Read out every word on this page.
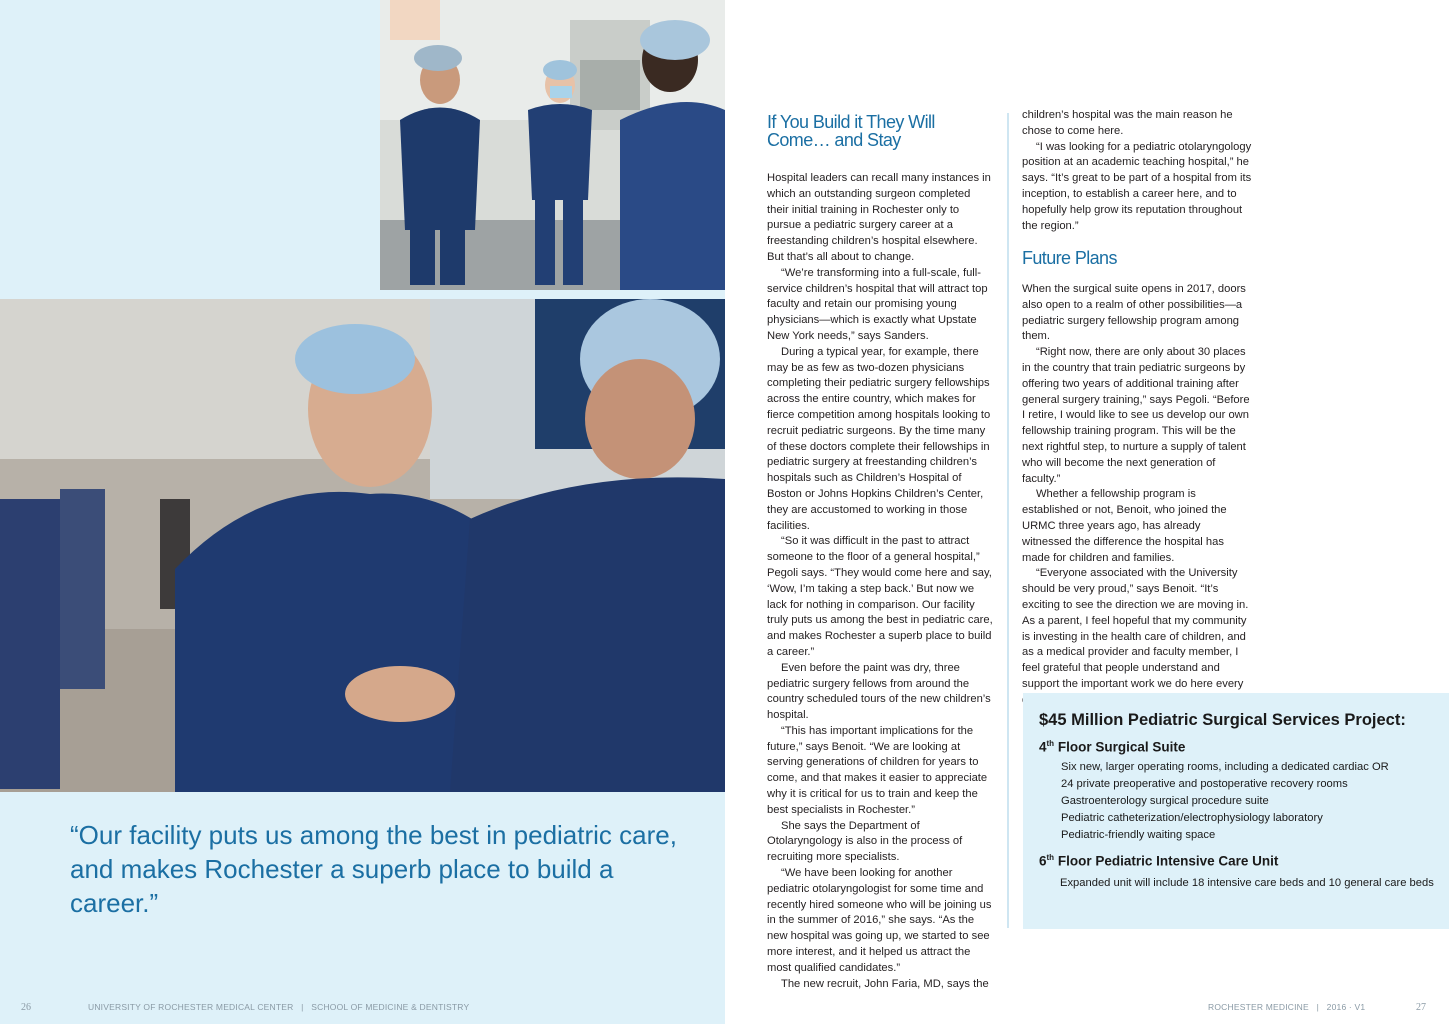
“Our facility puts us among the best in pediatric care, and makes Rochester a superb place to build a career.”
If You Build it They Will Come… and Stay

Hospital leaders can recall many instances in which an outstanding surgeon completed their initial training in Rochester only to pursue a pediatric surgery career at a freestanding children’s hospital elsewhere. But that’s all about to change.

“We’re transforming into a full-scale, full-service children’s hospital that will attract top faculty and retain our promising young physicians—which is exactly what Upstate New York needs,” says Sanders.

During a typical year, for example, there may be as few as two-dozen physicians completing their pediatric surgery fellowships across the entire country, which makes for fierce competition among hospitals looking to recruit pediatric surgeons. By the time many of these doctors complete their fellowships in pediatric surgery at freestanding children’s hospitals such as Children’s Hospital of Boston or Johns Hopkins Children’s Center, they are accustomed to working in those facilities.

“So it was difficult in the past to attract someone to the floor of a general hospital,” Pegoli says. “They would come here and say, ‘Wow, I’m taking a step back.’ But now we lack for nothing in comparison. Our facility truly puts us among the best in pediatric care, and makes Rochester a superb place to build a career.”

Even before the paint was dry, three pediatric surgery fellows from around the country scheduled tours of the new children’s hospital.

“This has important implications for the future,” says Benoit. “We are looking at serving generations of children for years to come, and that makes it easier to appreciate why it is critical for us to train and keep the best specialists in Rochester.”

She says the Department of Otolaryngology is also in the process of recruiting more specialists.

“We have been looking for another pediatric otolaryngologist for some time and recently hired someone who will be joining us in the summer of 2016,” she says. “As the new hospital was going up, we started to see more interest, and it helped us attract the most qualified candidates.”

The new recruit, John Faria, MD, says the

children’s hospital was the main reason he chose to come here.

“I was looking for a pediatric otolaryngology position at an academic teaching hospital,” he says. “It’s great to be part of a hospital from its inception, to establish a career here, and to hopefully help grow its reputation throughout the region.”

Future Plans

When the surgical suite opens in 2017, doors also open to a realm of other possibilities—a pediatric surgery fellowship program among them.

“Right now, there are only about 30 places in the country that train pediatric surgeons by offering two years of additional training after general surgery training,” says Pegoli. “Before I retire, I would like to see us develop our own fellowship training program. This will be the next rightful step, to nurture a supply of talent who will become the next generation of faculty.”

Whether a fellowship program is established or not, Benoit, who joined the URMC three years ago, has already witnessed the difference the hospital has made for children and families.

“Everyone associated with the University should be very proud,” says Benoit. “It’s exciting to see the direction we are moving in. As a parent, I feel hopeful that my community is investing in the health care of children, and as a medical provider and faculty member, I feel grateful that people understand and support the important work we do here every

$45 Million Pediatric Surgical Services Project:
4th Floor Surgical Suite
Six new, larger operating rooms, including a dedicated cardiac OR
24 private preoperative and postoperative recovery rooms
Gastroenterology surgical procedure suite
Pediatric catheterization/electrophysiology laboratory
Pediatric-friendly waiting space
6th Floor Pediatric Intensive Care Unit
Expanded unit will include 18 intensive care beds and 10 general care beds
26	UNIVERSITY OF ROCHESTER MEDICAL CENTER   |   SCHOOL OF MEDICINE & DENTISTRY	ROCHESTER MEDICINE   |   2016 · V1	27
